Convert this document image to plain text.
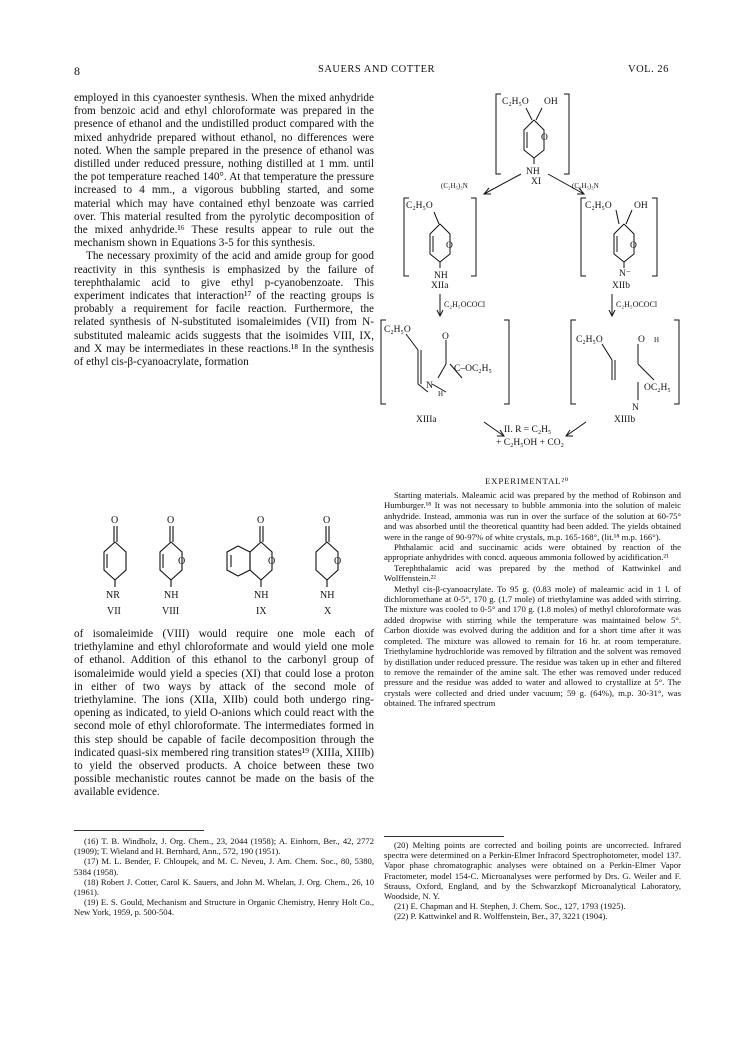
8	SAUERS AND COTTER	VOL. 26

employed in this cyanoester synthesis. When the mixed anhydride from benzoic acid and ethyl chloroformate was prepared in the presence of ethanol and the undistilled product compared with the mixed anhydride prepared without ethanol, no differences were noted. When the sample prepared in the presence of ethanol was distilled under reduced pressure, nothing distilled at 1 mm. until the pot temperature reached 140°. At that temperature the pressure increased to 4 mm., a vigorous bubbling started, and some material which may have contained ethyl benzoate was carried over. This material resulted from the pyrolytic decomposition of the mixed anhydride.¹⁶ These results appear to rule out the mechanism shown in Equations 3-5 for this synthesis.

The necessary proximity of the acid and amide group for good reactivity in this synthesis is emphasized by the failure of terephthalamic acid to give ethyl p-cyanobenzoate. This experiment indicates that interaction¹⁷ of the reacting groups is probably a requirement for facile reaction. Furthermore, the related synthesis of N-substituted isomaleimides (VII) from N-substituted maleamic acids suggests that the isoimides VIII, IX, and X may be intermediates in these reactions.¹⁸ In the synthesis of ethyl cis-β-cyanoacrylate, formation

O	O
O
O
O
O
O
NR	NH	NH	NH
VII	VIII	IX	X

of isomaleimide (VIII) would require one mole each of triethylamine and ethyl chloroformate and would yield one mole of ethanol. Addition of this ethanol to the carbonyl group of isomaleimide would yield a species (XI) that could lose a proton in either of two ways by attack of the second mole of triethylamine. The ions (XIIa, XIIb) could both undergo ring-opening as indicated, to yield O-anions which could react with the second mole of ethyl chloroformate. The intermediates formed in this step should be capable of facile decomposition through the indicated quasi-six membered ring transition states¹⁹ (XIIIa, XIIIb) to yield the observed products. A choice between these two possible mechanistic routes cannot be made on the basis of the available evidence.

(16) T. B. Windholz, J. Org. Chem., 23, 2044 (1958); A. Einhorn, Ber., 42, 2772 (1909); T. Wieland and H. Bernhard, Ann., 572, 190 (1951).

(17) M. L. Bender, F. Chloupek, and M. C. Neveu, J. Am. Chem. Soc., 80, 5380, 5384 (1958).

(18) Robert J. Cotter, Carol K. Sauers, and John M. Whelan, J. Org. Chem., 26, 10 (1961).

(19) E. S. Gould, Mechanism and Structure in Organic Chemistry, Henry Holt Co., New York, 1959, p. 500-504.

C₂H₅O OH
O
NH
XI
(C₂H₅)₃N	(C₂H₅)₃N
C₂H₅O
O
NH
XIIa
C₂H₅O OH
O
N⁻
XIIb
C₂H₅OCOCl	C₂H₅OCOCl
C₂H₅O
O
C–OC₂H₅
N
H
XIIIa
C₂H₅O	O H
OC₂H₅
N
XIIIb
II. R = C₂H₅
+ C₂H₅OH + CO₂
EXPERIMENTAL²⁰

Starting materials. Maleamic acid was prepared by the method of Robinson and Humburger.¹⁸ It was not necessary to bubble ammonia into the solution of maleic anhydride. Instead, ammonia was run in over the surface of the solution at 60-75° and was absorbed until the theoretical quantity had been added. The yields obtained were in the range of 90-97% of white crystals, m.p. 165-168°, (lit.¹⁸ m.p. 166°).

Phthalamic acid and succinamic acids were obtained by reaction of the appropriate anhydrides with concd. aqueous ammonia followed by acidification.²¹

Terephthalamic acid was prepared by the method of Kattwinkel and Wolffenstein.²²

Methyl cis-β-cyanoacrylate. To 95 g. (0.83 mole) of maleamic acid in 1 l. of dichloromethane at 0-5°, 170 g. (1.7 mole) of triethylamine was added with stirring. The mixture was cooled to 0-5° and 170 g. (1.8 moles) of methyl chloroformate was added dropwise with stirring while the temperature was maintained below 5°. Carbon dioxide was evolved during the addition and for a short time after it was completed. The mixture was allowed to remain for 16 hr. at room temperature. Triethylamine hydrochloride was removed by filtration and the solvent was removed by distillation under reduced pressure. The residue was taken up in ether and filtered to remove the remainder of the amine salt. The ether was removed under reduced pressure and the residue was added to water and allowed to crystallize at 5°. The crystals were collected and dried under vacuum; 59 g. (64%), m.p. 30-31°, was obtained. The infrared spectrum

(20) Melting points are corrected and boiling points are uncorrected. Infrared spectra were determined on a Perkin-Elmer Infracord Spectrophotometer, model 137. Vapor phase chromatographic analyses were obtained on a Perkin-Elmer Vapor Fractometer, model 154-C. Microanalyses were performed by Drs. G. Weiler and F. Strauss, Oxford, England, and by the Schwarzkopf Microanalytical Laboratory, Woodside, N. Y.

(21) E. Chapman and H. Stephen, J. Chem. Soc., 127, 1793 (1925).

(22) P. Kattwinkel and R. Wolffenstein, Ber., 37, 3221 (1904).
